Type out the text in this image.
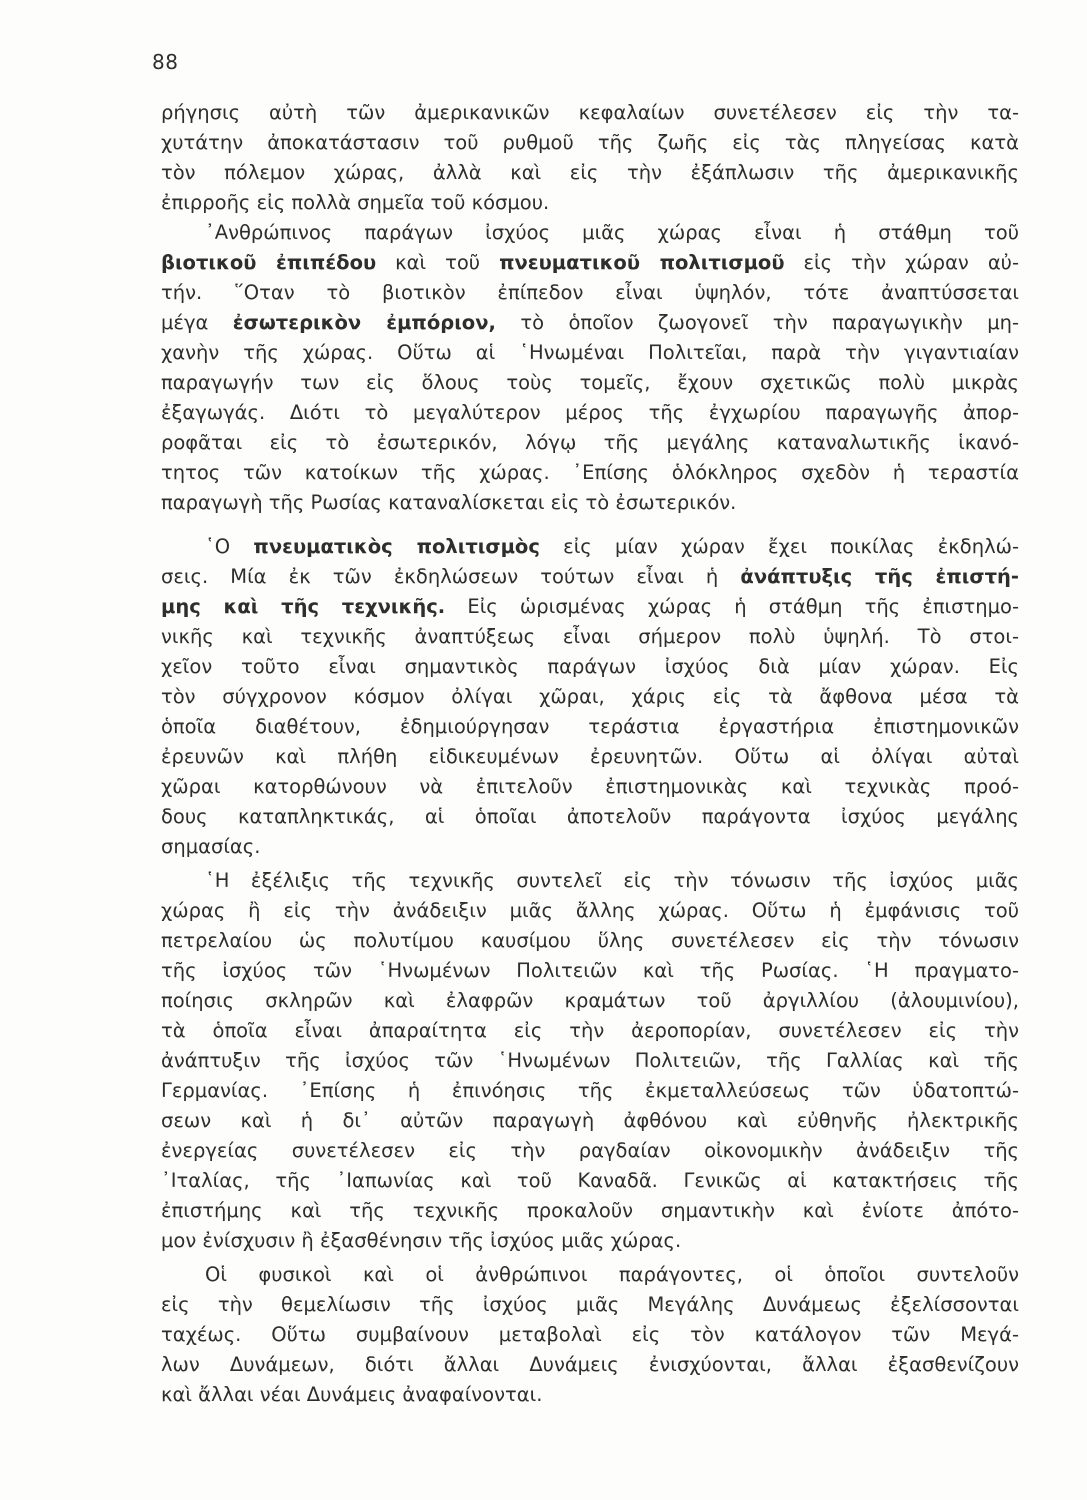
88
ρήγησις αὐτὴ τῶν ἀμερικανικῶν κεφαλαίων συνετέλεσεν εἰς τὴν τα-
χυτάτην ἀποκατάστασιν τοῦ ρυθμοῦ τῆς ζωῆς εἰς τὰς πληγείσας κατὰ
τὸν πόλεμον χώρας, ἀλλὰ καὶ εἰς τὴν ἐξάπλωσιν τῆς ἀμερικανικῆς
ἐπιρροῆς εἰς πολλὰ σημεῖα τοῦ κόσμου.
᾿Ανθρώπινος παράγων ἰσχύος μιᾶς χώρας εἶναι ἡ στάθμη τοῦ
βιοτικοῦ ἐπιπέδου καὶ τοῦ πνευματικοῦ πολιτισμοῦ εἰς τὴν χώραν αὐ-
τήν. ῞Οταν τὸ βιοτικὸν ἐπίπεδον εἶναι ὑψηλόν, τότε ἀναπτύσσεται
μέγα ἐσωτερικὸν ἐμπόριον, τὸ ὁποῖον ζωογονεῖ τὴν παραγωγικὴν μη-
χανὴν τῆς χώρας. Οὕτω αἱ ῾Ηνωμέναι Πολιτεῖαι, παρὰ τὴν γιγαντιαίαν
παραγωγήν των εἰς ὅλους τοὺς τομεῖς, ἔχουν σχετικῶς πολὺ μικρὰς
ἐξαγωγάς. Διότι τὸ μεγαλύτερον μέρος τῆς ἐγχωρίου παραγωγῆς ἀπορ-
ροφᾶται εἰς τὸ ἐσωτερικόν, λόγῳ τῆς μεγάλης καταναλωτικῆς ἱκανό-
τητος τῶν κατοίκων τῆς χώρας. ᾿Επίσης ὁλόκληρος σχεδὸν ἡ τεραστία
παραγωγὴ τῆς Ρωσίας καταναλίσκεται εἰς τὸ ἐσωτερικόν.
῾Ο πνευματικὸς πολιτισμὸς εἰς μίαν χώραν ἔχει ποικίλας ἐκδηλώ-
σεις. Μία ἐκ τῶν ἐκδηλώσεων τούτων εἶναι ἡ ἀνάπτυξις τῆς ἐπιστή-
μης καὶ τῆς τεχνικῆς. Εἰς ὡρισμένας χώρας ἡ στάθμη τῆς ἐπιστημο-
νικῆς καὶ τεχνικῆς ἀναπτύξεως εἶναι σήμερον πολὺ ὑψηλή. Τὸ στοι-
χεῖον τοῦτο εἶναι σημαντικὸς παράγων ἰσχύος διὰ μίαν χώραν. Εἰς
τὸν σύγχρονον κόσμον ὀλίγαι χῶραι, χάρις εἰς τὰ ἄφθονα μέσα τὰ
ὁποῖα διαθέτουν, ἐδημιούργησαν τεράστια ἐργαστήρια ἐπιστημονικῶν
ἐρευνῶν καὶ πλήθη εἰδικευμένων ἐρευνητῶν. Οὕτω αἱ ὀλίγαι αὐταὶ
χῶραι κατορθώνουν νὰ ἐπιτελοῦν ἐπιστημονικὰς καὶ τεχνικὰς προό-
δους καταπληκτικάς, αἱ ὁποῖαι ἀποτελοῦν παράγοντα ἰσχύος μεγάλης
σημασίας.
῾Η ἐξέλιξις τῆς τεχνικῆς συντελεῖ εἰς τὴν τόνωσιν τῆς ἰσχύος μιᾶς
χώρας ἢ εἰς τὴν ἀνάδειξιν μιᾶς ἄλλης χώρας. Οὕτω ἡ ἐμφάνισις τοῦ
πετρελαίου ὡς πολυτίμου καυσίμου ὕλης συνετέλεσεν εἰς τὴν τόνωσιν
τῆς ἰσχύος τῶν ῾Ηνωμένων Πολιτειῶν καὶ τῆς Ρωσίας. ῾Η πραγματο-
ποίησις σκληρῶν καὶ ἐλαφρῶν κραμάτων τοῦ ἀργιλλίου (ἀλουμινίου),
τὰ ὁποῖα εἶναι ἀπαραίτητα εἰς τὴν ἀεροπορίαν, συνετέλεσεν εἰς τὴν
ἀνάπτυξιν τῆς ἰσχύος τῶν ῾Ηνωμένων Πολιτειῶν, τῆς Γαλλίας καὶ τῆς
Γερμανίας. ᾿Επίσης ἡ ἐπινόησις τῆς ἐκμεταλλεύσεως τῶν ὑδατοπτώ-
σεων καὶ ἡ δι᾿ αὐτῶν παραγωγὴ ἀφθόνου καὶ εὐθηνῆς ἠλεκτρικῆς
ἐνεργείας συνετέλεσεν εἰς τὴν ραγδαίαν οἰκονομικὴν ἀνάδειξιν τῆς
᾿Ιταλίας, τῆς ᾿Ιαπωνίας καὶ τοῦ Καναδᾶ. Γενικῶς αἱ κατακτήσεις τῆς
ἐπιστήμης καὶ τῆς τεχνικῆς προκαλοῦν σημαντικὴν καὶ ἐνίοτε ἀπότο-
μον ἐνίσχυσιν ἢ ἐξασθένησιν τῆς ἰσχύος μιᾶς χώρας.
Οἱ φυσικοὶ καὶ οἱ ἀνθρώπινοι παράγοντες, οἱ ὁποῖοι συντελοῦν
εἰς τὴν θεμελίωσιν τῆς ἰσχύος μιᾶς Μεγάλης Δυνάμεως ἐξελίσσονται
ταχέως. Οὕτω συμβαίνουν μεταβολαὶ εἰς τὸν κατάλογον τῶν Μεγά-
λων Δυνάμεων, διότι ἄλλαι Δυνάμεις ἐνισχύονται, ἄλλαι ἐξασθενίζουν
καὶ ἄλλαι νέαι Δυνάμεις ἀναφαίνονται.
